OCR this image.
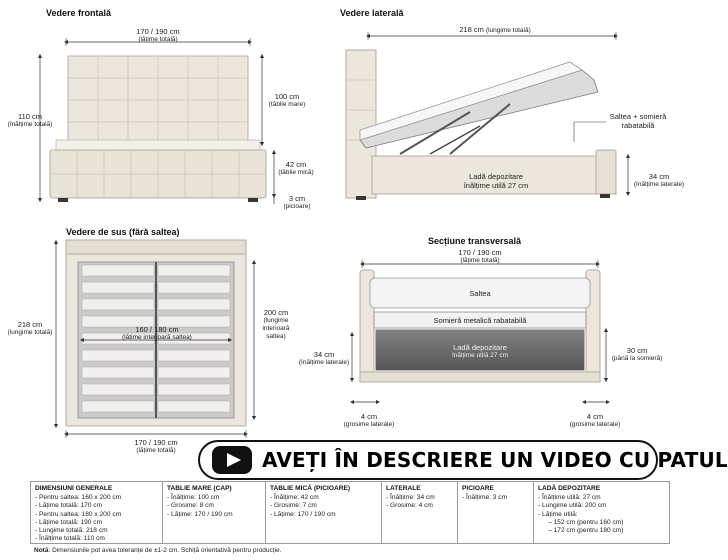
Vedere frontală
170 / 190 cm
(lățime totală)
110 cm
(înălțime totală)
100 cm
(tăblie mare)
42 cm
(tăblie mică)
3 cm
(picioare)
Vedere laterală
218 cm (lungime totală)
Saltea + somieră
rabatabilă
Ladă depozitare
înălțime utilă 27 cm
34 cm
(înălțime laterale)
Vedere de sus (fără saltea)
218 cm
(lungime totală)	160 / 180 cm
(lățime interioară saltea)
200 cm
(lungime
interioară
saltea)
170 / 190 cm
(lățime totală)
Secțiune transversală
170 / 190 cm
(lățime totală)
Saltea
Somieră metalică rabatabilă
Ladă depozitare
înălțime utilă 27 cm
34 cm
(înălțime laterale)
30 cm
(până la somieră)
4 cm
(grosime laterale)
4 cm
(grosime laterale)
AVEȚI ÎN DESCRIERE UN VIDEO CU PATUL
DIMENSIUNI GENERALE
- Pentru saltea: 160 x 200 cm
- Lățime totală: 170 cm
- Pentru saltea: 180 x 200 cm
- Lățime totală: 190 cm
- Lungime totală: 218 cm
- Înălțime totală: 110 cm
TABLIE MARE (CAP)
- Înălțime: 100 cm
- Grosime: 8 cm
- Lățime: 170 / 190 cm
TABLIE MICĂ (PICIOARE)
- Înălțime: 42 cm
- Grosime: 7 cm
- Lățime: 170 / 190 cm
LATERALE
- Înălțime: 34 cm
- Grosime: 4 cm
PICIOARE
- Înălțime: 3 cm
LADĂ DEPOZITARE
- Înălțime utilă: 27 cm
- Lungime utilă: 200 cm
- Lățime utilă:
– 152 cm (pentru 160 cm)
– 172 cm (pentru 180 cm)
Notă: Dimensiunile pot avea toleranțe de ±1-2 cm. Schiță orientativă pentru producție.
